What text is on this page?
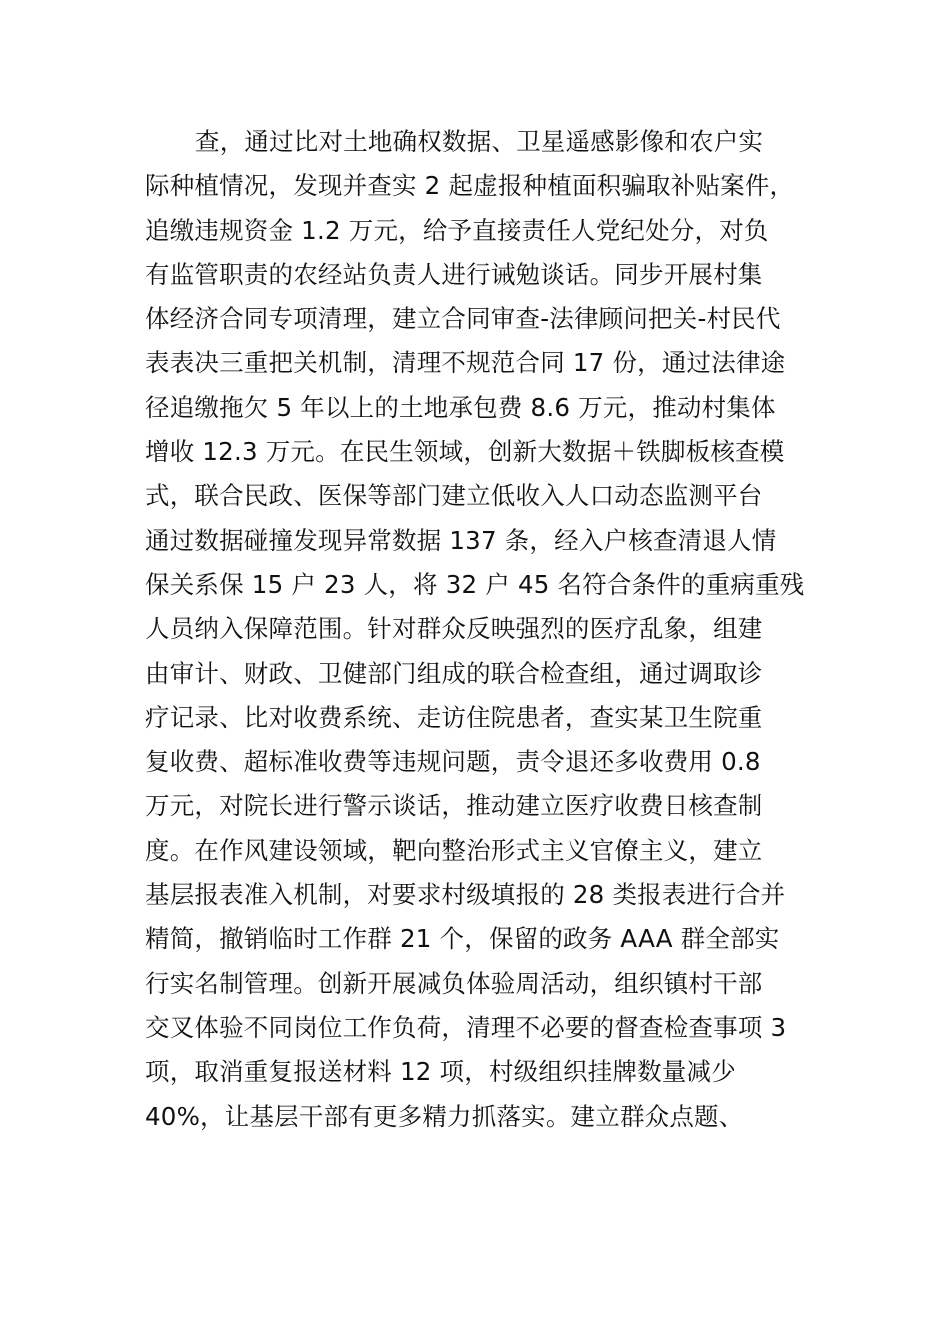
查，通过比对土地确权数据、卫星遥感影像和农户实
际种植情况，发现并查实 2 起虚报种植面积骗取补贴案件，
追缴违规资金 1.2 万元，给予直接责任人党纪处分，对负
有监管职责的农经站负责人进行诫勉谈话。同步开展村集
体经济合同专项清理，建立合同审查-法律顾问把关-村民代
表表决三重把关机制，清理不规范合同 17 份，通过法律途
径追缴拖欠 5 年以上的土地承包费 8.6 万元，推动村集体
增收 12.3 万元。在民生领域，创新大数据＋铁脚板核查模
式，联合民政、医保等部门建立低收入人口动态监测平台
通过数据碰撞发现异常数据 137 条，经入户核查清退人情
保关系保 15 户 23 人，将 32 户 45 名符合条件的重病重残
人员纳入保障范围。针对群众反映强烈的医疗乱象，组建
由审计、财政、卫健部门组成的联合检查组，通过调取诊
疗记录、比对收费系统、走访住院患者，查实某卫生院重
复收费、超标准收费等违规问题，责令退还多收费用 0.8
万元，对院长进行警示谈话，推动建立医疗收费日核查制
度。在作风建设领域，靶向整治形式主义官僚主义，建立
基层报表准入机制，对要求村级填报的 28 类报表进行合并
精简，撤销临时工作群 21 个，保留的政务 AAA 群全部实
行实名制管理。创新开展减负体验周活动，组织镇村干部
交叉体验不同岗位工作负荷，清理不必要的督查检查事项 3
项，取消重复报送材料 12 项，村级组织挂牌数量减少
40%，让基层干部有更多精力抓落实。建立群众点题、
